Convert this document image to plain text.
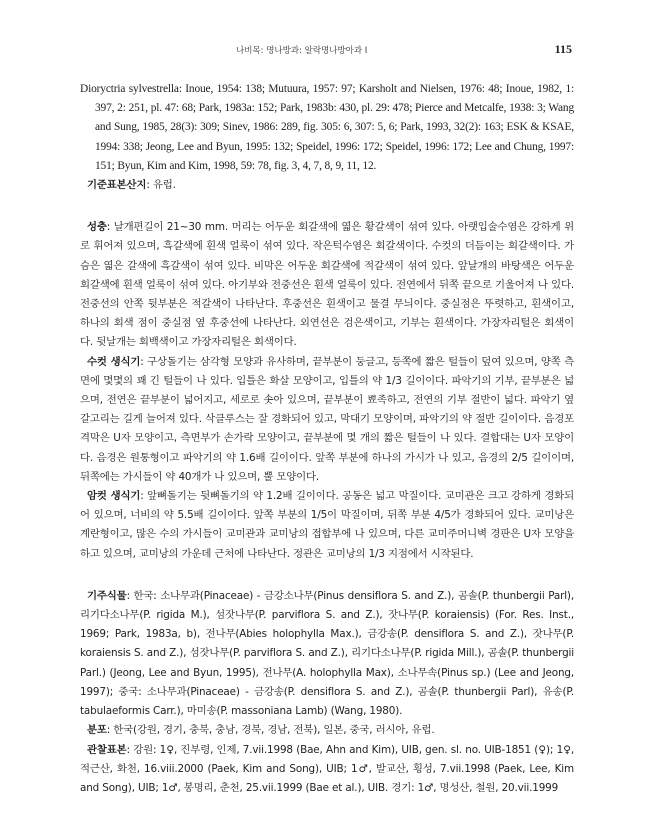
나비목: 명나방과: 알락명나방아과 I	115

Dioryctria sylvestrella: Inoue, 1954: 138; Mutuura, 1957: 97; Karsholt and Nielsen, 1976: 48; Inoue, 1982, 1: 397, 2: 251, pl. 47: 68; Park, 1983a: 152; Park, 1983b: 430, pl. 29: 478; Pierce and Metcalfe, 1938: 3; Wang and Sung, 1985, 28(3): 309; Sinev, 1986: 289, fig. 305: 6, 307: 5, 6; Park, 1993, 32(2): 163; ESK & KSAE, 1994: 338; Jeong, Lee and Byun, 1995: 132; Speidel, 1996: 172; Speidel, 1996: 172; Lee and Chung, 1997: 151; Byun, Kim and Kim, 1998, 59: 78, fig. 3, 4, 7, 8, 9, 11, 12.

기준표본산지: 유럽.

성충: 날개편길이 21~30 mm. 머리는 어두운 회갈색에 엷은 황갈색이 섞여 있다. 아랫입술수염은 강하게 위로 휘어져 있으며, 흑갈색에 흰색 얼룩이 섞여 있다. 작은턱수염은 회갈색이다. 수컷의 더듬이는 회갈색이다. 가슴은 엷은 갈색에 흑갈색이 섞여 있다. 비막은 어두운 회갈색에 적갈색이 섞여 있다. 앞날개의 바탕색은 어두운 회갈색에 흰색 얼룩이 섞여 있다. 아기부와 전중선은 흰색 얼룩이 있다. 전연에서 뒤쪽 끝으로 기울어져 나 있다. 전중선의 안쪽 뒷부분은 적갈색이 나타난다. 후중선은 흰색이고 물결 무늬이다. 중실점은 뚜렷하고, 흰색이고, 하나의 회색 점이 중실점 옆 후중선에 나타난다. 외연선은 검은색이고, 기부는 흰색이다. 가장자리털은 회색이다. 뒷날개는 회백색이고 가장자리털은 회색이다.

수컷 생식기: 구상돌기는 삼각형 모양과 유사하며, 끝부분이 둥글고, 등쪽에 짧은 털들이 덮여 있으며, 양쪽 측면에 몇몇의 꽤 긴 털들이 나 있다. 입틀은 화살 모양이고, 입틀의 약 1/3 길이이다. 파악기의 기부, 끝부분은 넓으며, 전연은 끝부분이 넓어지고, 세로로 솟아 있으며, 끝부분이 뾰족하고, 전연의 기부 절반이 넓다. 파악기 옆 갈고리는 길게 늘어져 있다. 삭클루스는 잘 경화되어 있고, 막대기 모양이며, 파악기의 약 절반 길이이다. 음경포격막은 U자 모양이고, 측면부가 손가락 모양이고, 끝부분에 몇 개의 짧은 털들이 나 있다. 결합대는 U자 모양이다. 음경은 원통형이고 파악기의 약 1.6배 길이이다. 앞쪽 부분에 하나의 가시가 나 있고, 음경의 2/5 길이이며, 뒤쪽에는 가시들이 약 40개가 나 있으며, 뿔 모양이다.

암컷 생식기: 앞뼈돌기는 뒷뼈돌기의 약 1.2배 길이이다. 공동은 넓고 막질이다. 교미관은 크고 강하게 경화되어 있으며, 너비의 약 5.5배 길이이다. 앞쪽 부분의 1/5이 막질이며, 뒤쪽 부분 4/5가 경화되어 있다. 교미낭은 계란형이고, 많은 수의 가시들이 교미관과 교미낭의 접합부에 나 있으며, 다른 교미주머니벽 경판은 U자 모양을 하고 있으며, 교미낭의 가운데 근처에 나타난다. 정관은 교미낭의 1/3 지점에서 시작된다.

기주식물: 한국: 소나무과(Pinaceae) - 금강소나무(Pinus densiflora S. and Z.), 곰솔(P. thunbergii Parl), 리기다소나무(P. rigida M.), 섬잣나무(P. parviflora S. and Z.), 잣나무(P. koraiensis) (For. Res. Inst., 1969; Park, 1983a, b), 전나무(Abies holophylla Max.), 금강송(P. densiflora S. and Z.), 잣나무(P. koraiensis S. and Z.), 섬잣나무(P. parviflora S. and Z.), 리기다소나무(P. rigida Mill.), 곰솔(P. thunbergii Parl.) (Jeong, Lee and Byun, 1995), 전나무(A. holophylla Max), 소나무속(Pinus sp.) (Lee and Jeong, 1997); 중국: 소나무과(Pinaceae) - 금강송(P. densiflora S. and Z.), 곰솔(P. thunbergii Parl), 유송(P. tabulaeformis Carr.), 마미송(P. massoniana Lamb) (Wang, 1980).

분포: 한국(강원, 경기, 충북, 충남, 경북, 경남, 전북), 일본, 중국, 러시아, 유럽.

관찰표본: 강원: 1♀, 진부령, 인제, 7.vii.1998 (Bae, Ahn and Kim), UIB, gen. sl. no. UIB-1851 (♀); 1♀, 적근산, 화천, 16.viii.2000 (Paek, Kim and Song), UIB; 1♂, 발교산, 횡성, 7.vii.1998 (Paek, Lee, Kim and Song), UIB; 1♂, 봉명리, 춘천, 25.vii.1999 (Bae et al.), UIB. 경기: 1♂, 명성산, 철원, 20.vii.1999
